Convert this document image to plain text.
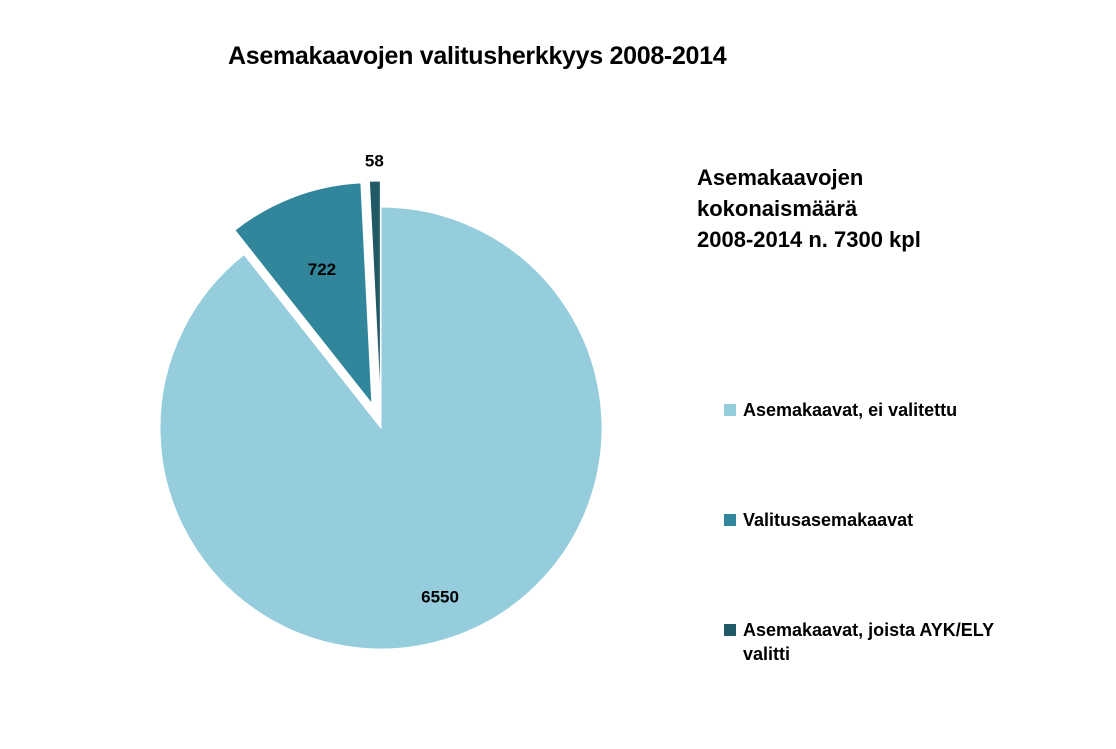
Asemakaavojen valitusherkkyys 2008-2014
6550
722
58
Asemakaavojen
kokonaismäärä
2008-2014 n. 7300 kpl
Asemakaavat, ei valitettu
Valitusasemakaavat
Asemakaavat, joista AYK/ELY valitti
